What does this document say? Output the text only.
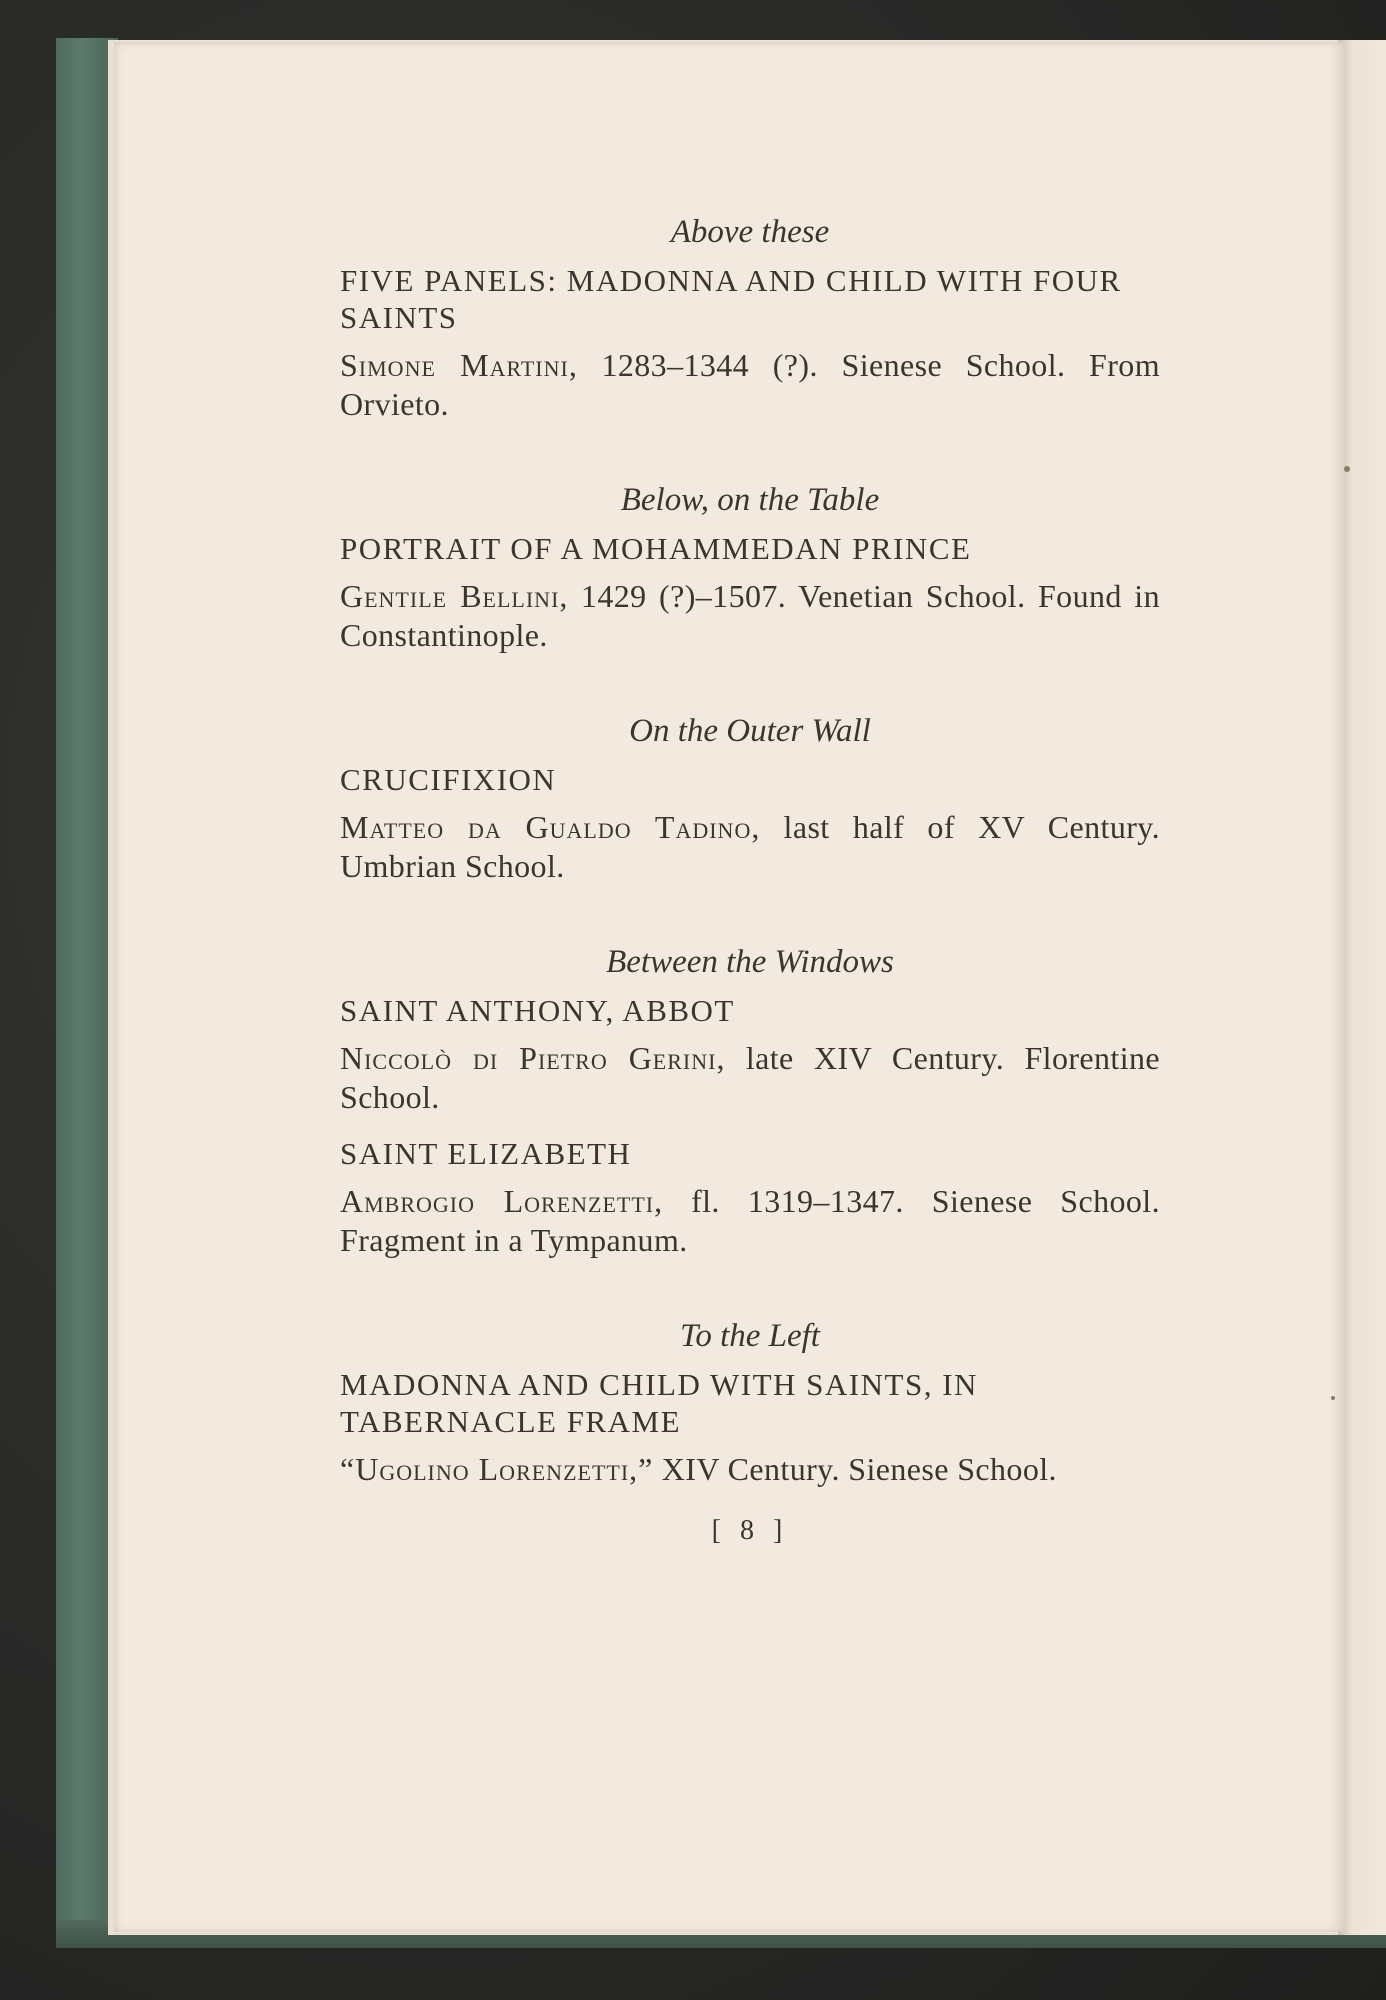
Above these

FIVE PANELS: MADONNA AND CHILD WITH FOUR SAINTS

Simone Martini, 1283–1344 (?). Sienese School. From Orvieto.

Below, on the Table

PORTRAIT OF A MOHAMMEDAN PRINCE

Gentile Bellini, 1429 (?)–1507. Venetian School. Found in Constantinople.

On the Outer Wall

CRUCIFIXION

Matteo da Gualdo Tadino, last half of XV Century. Umbrian School.

Between the Windows

SAINT ANTHONY, ABBOT

Niccolò di Pietro Gerini, late XIV Century. Florentine School.

SAINT ELIZABETH

Ambrogio Lorenzetti, fl. 1319–1347. Sienese School. Fragment in a Tympanum.

To the Left

MADONNA AND CHILD WITH SAINTS, IN TABERNACLE FRAME

“Ugolino Lorenzetti,” XIV Century. Sienese School.

[ 8 ]
